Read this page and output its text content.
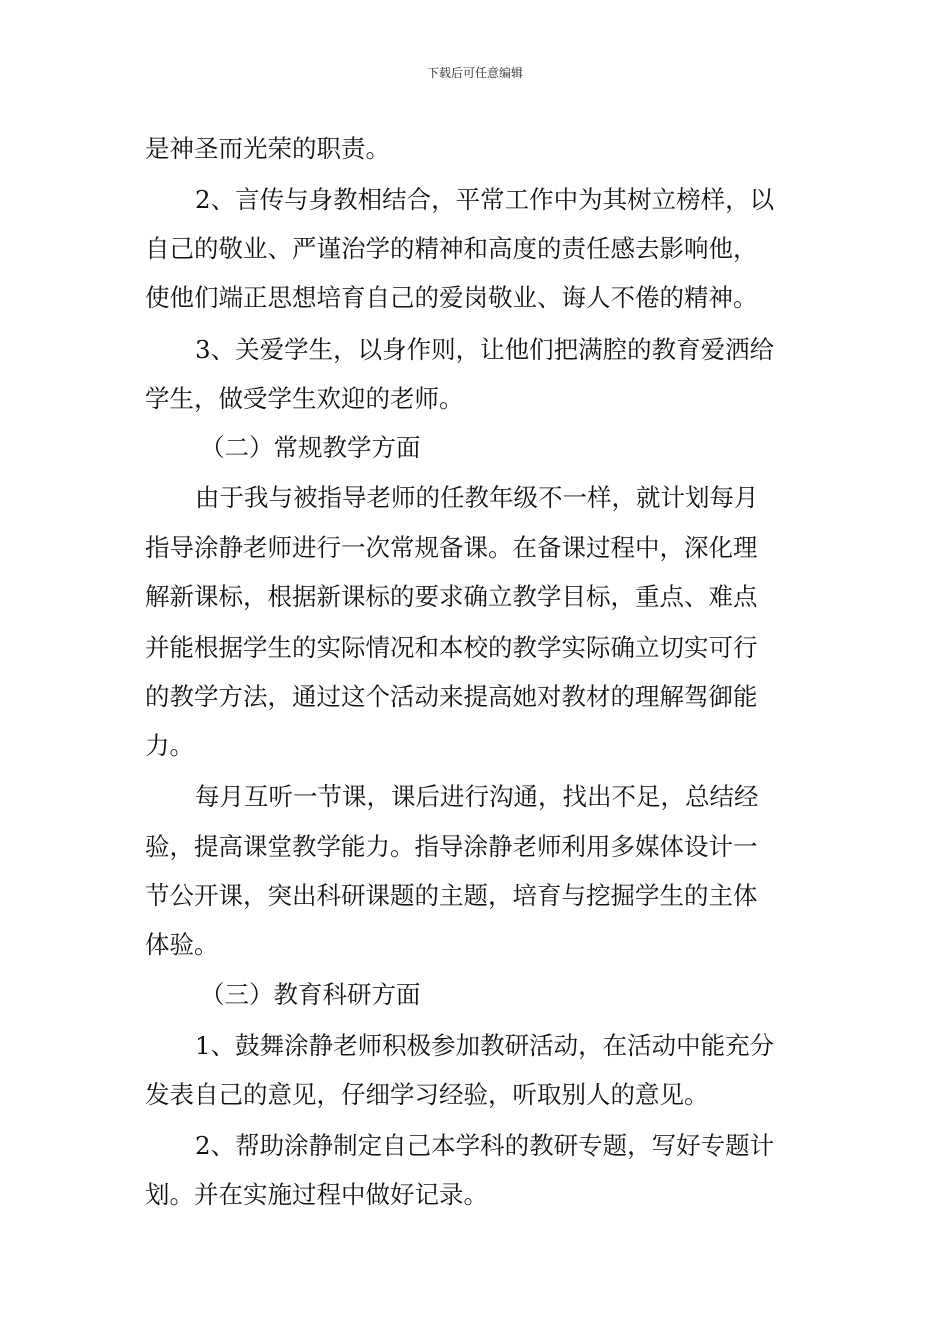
下载后可任意编辑
是神圣而光荣的职责。
2、言传与身教相结合，平常工作中为其树立榜样，以
自己的敬业、严谨治学的精神和高度的责任感去影响他，
使他们端正思想培育自己的爱岗敬业、诲人不倦的精神。
3、关爱学生，以身作则，让他们把满腔的教育爱洒给
学生，做受学生欢迎的老师。
（二）常规教学方面
由于我与被指导老师的任教年级不一样，就计划每月
指导涂静老师进行一次常规备课。在备课过程中，深化理
解新课标，根据新课标的要求确立教学目标，重点、难点
并能根据学生的实际情况和本校的教学实际确立切实可行
的教学方法，通过这个活动来提高她对教材的理解驾御能
力。
每月互听一节课，课后进行沟通，找出不足，总结经
验，提高课堂教学能力。指导涂静老师利用多媒体设计一
节公开课，突出科研课题的主题，培育与挖掘学生的主体
体验。
（三）教育科研方面
1、鼓舞涂静老师积极参加教研活动，在活动中能充分
发表自己的意见，仔细学习经验，听取别人的意见。
2、帮助涂静制定自己本学科的教研专题，写好专题计
划。并在实施过程中做好记录。
